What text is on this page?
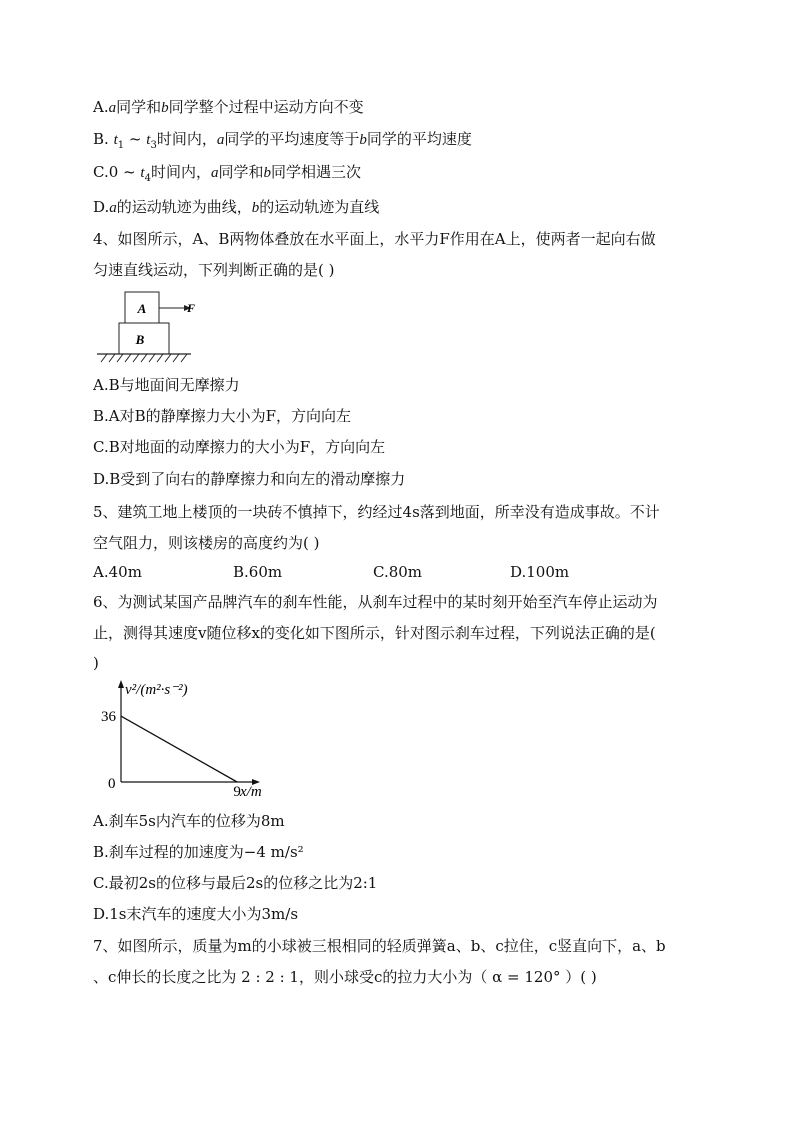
A.a同学和b同学整个过程中运动方向不变
B. $t_1$ ~ $t_3$时间内，a同学的平均速度等于b同学的平均速度
C.0 ~ $t_4$时间内，a同学和b同学相遇三次
D.a的运动轨迹为曲线，b的运动轨迹为直线
4、如图所示，A、B两物体叠放在水平面上，水平力F作用在A上，使两者一起向右做
匀速直线运动，下列判断正确的是( )
A
B
F
A.B与地面间无摩擦力
B.A对B的静摩擦力大小为F，方向向左
C.B对地面的动摩擦力的大小为F，方向向左
D.B受到了向右的静摩擦力和向左的滑动摩擦力
5、建筑工地上楼顶的一块砖不慎掉下，约经过4s落到地面，所幸没有造成事故。不计
空气阻力，则该楼房的高度约为( )
A.40m	B.60m	C.80m	D.100m
6、为测试某国产品牌汽车的刹车性能，从刹车过程中的某时刻开始至汽车停止运动为
止，测得其速度v随位移x的变化如下图所示，针对图示刹车过程，下列说法正确的是(
)
v²/(m²·s⁻²)
x/m
0
36
9
A.刹车5s内汽车的位移为8m
B.刹车过程的加速度为−4 m/s²
C.最初2s的位移与最后2s的位移之比为2:1
D.1s末汽车的速度大小为3m/s
7、如图所示，质量为m的小球被三根相同的轻质弹簧a、b、c拉住，c竖直向下，a、b
、c伸长的长度之比为 2 : 2 : 1，则小球受c的拉力大小为（ α = 120° ）( )
